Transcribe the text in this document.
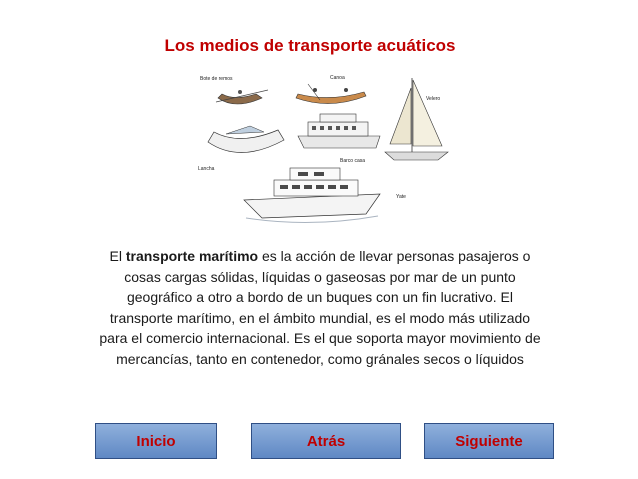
Los medios de transporte acuáticos
Bote de remos	Canoa
Velero
Barco casa
Lancha
Yate
El transporte marítimo es la acción de llevar personas pasajeros o cosas cargas sólidas, líquidas o gaseosas por mar de un punto geográfico a otro a bordo de un buques con un fin lucrativo. El transporte marítimo, en el ámbito mundial, es el modo más utilizado para el comercio internacional. Es el que soporta mayor movimiento de mercancías, tanto en contenedor, como gránales secos o líquidos
Inicio	Atrás	Siguiente
